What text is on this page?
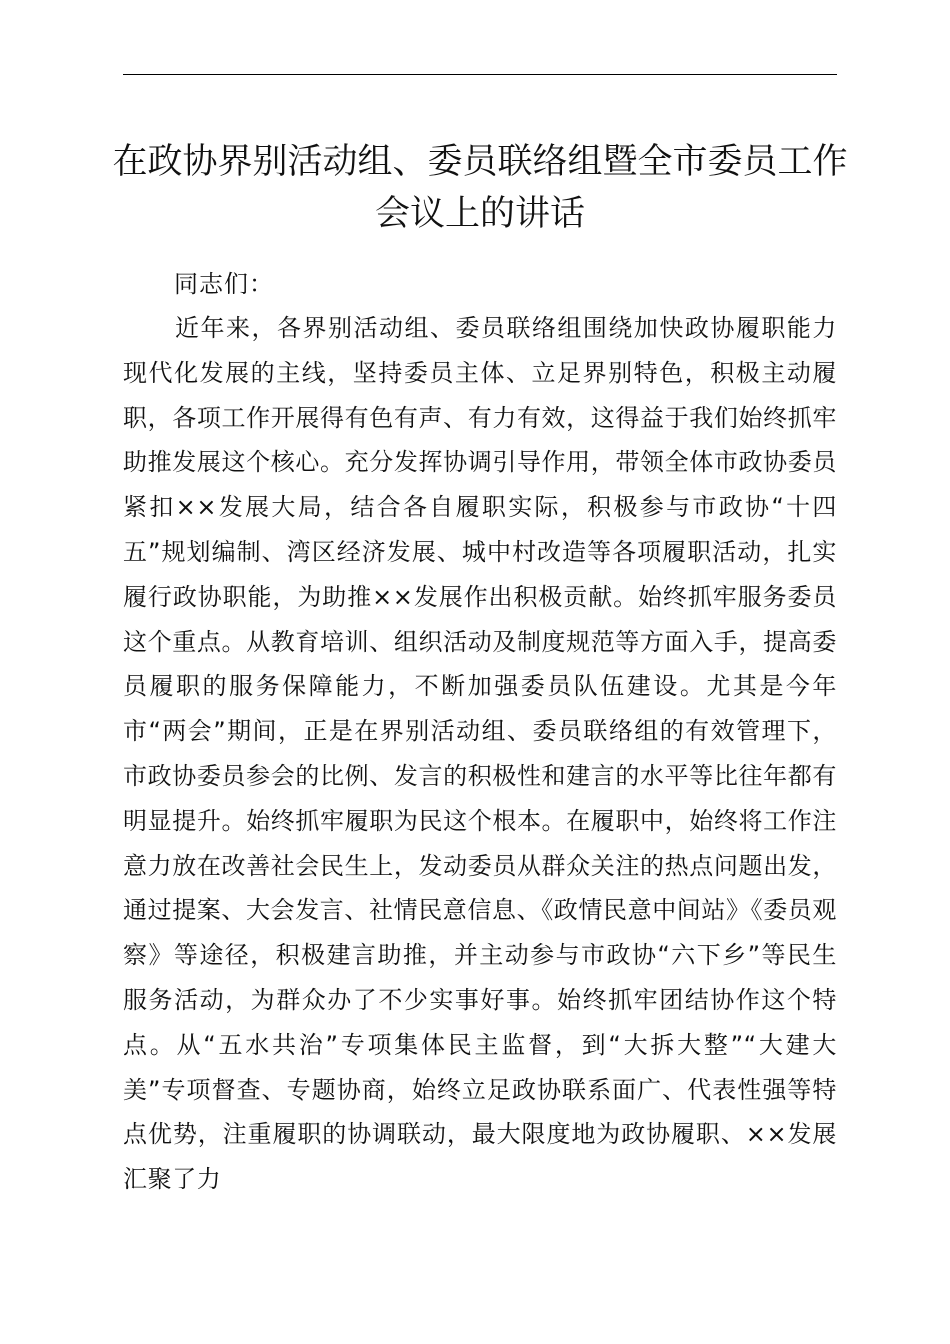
在政协界别活动组、委员联络组暨全市委员工作会议上的讲话

同志们：

近年来，各界别活动组、委员联络组围绕加快政协履职能力现代化发展的主线，坚持委员主体、立足界别特色，积极主动履职，各项工作开展得有色有声、有力有效，这得益于我们始终抓牢助推发展这个核心。充分发挥协调引导作用，带领全体市政协委员紧扣××发展大局，结合各自履职实际，积极参与市政协“十四五”规划编制、湾区经济发展、城中村改造等各项履职活动，扎实履行政协职能，为助推××发展作出积极贡献。始终抓牢服务委员这个重点。从教育培训、组织活动及制度规范等方面入手，提高委员履职的服务保障能力，不断加强委员队伍建设。尤其是今年市“两会”期间，正是在界别活动组、委员联络组的有效管理下，市政协委员参会的比例、发言的积极性和建言的水平等比往年都有明显提升。始终抓牢履职为民这个根本。在履职中，始终将工作注意力放在改善社会民生上，发动委员从群众关注的热点问题出发，通过提案、大会发言、社情民意信息、《政情民意中间站》《委员观察》等途径，积极建言助推，并主动参与市政协“六下乡”等民生服务活动，为群众办了不少实事好事。始终抓牢团结协作这个特点。从“五水共治”专项集体民主监督，到“大拆大整”“大建大美”专项督查、专题协商，始终立足政协联系面广、代表性强等特点优势，注重履职的协调联动，最大限度地为政协履职、××发展汇聚了力
